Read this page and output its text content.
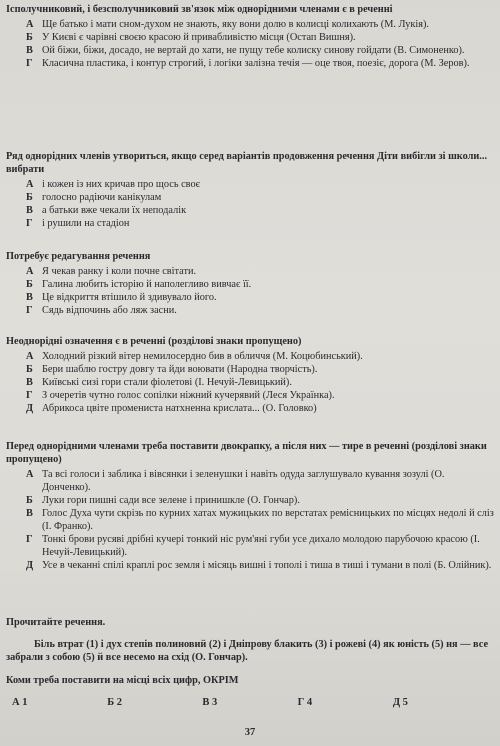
Ісполучниковий, і безсполучниковий зв'язок між однорідними членами є в реченні
А Ще батько і мати сном-духом не знають, яку вони долю в колисці колихають (М. Лукія).
Б У Києві є чарівні своєю красою й привабливістю місця (Остап Вишня).
В Ой біжи, біжи, досадо, не вертай до хати, не пущу тебе колиску синову гойдати (В. Симоненко).
Г Класична пластика, і контур строгий, і логіки залізна течія — оце твоя, поезіє, дорога (М. Зеров).
Ряд однорідних членів утвориться, якщо серед варіантів продовження речення Діти вибігли зі школи... вибрати
А і кожен із них кричав про щось своє
Б голосно радіючи канікулам
В а батьки вже чекали їх неподалік
Г і рушили на стадіон
Потребує редагування речення
А Я чекав ранку і коли почне світати.
Б Галина любить історію й наполегливо вивчає її.
В Це відкриття втішило й здивувало його.
Г Сядь відпочинь або ляж засни.
Неоднорідні означення є в реченні (розділові знаки пропущено)
А Холодний різкий вітер немилосердно бив в обличчя (М. Коцюбинський).
Б Бери шаблю гостру довгу та йди воювати (Народна творчість).
В Київські сизі гори стали фіолетові (І. Нечуй-Левицький).
Г З очеретів чутно голос сопілки ніжний кучерявий (Леся Українка).
Д Абрикоса цвіте промениста натхненна крислата... (О. Головко)
Перед однорідними членами треба поставити двокрапку, а після них — тире в реченні (розділові знаки пропущено)
А Та всі голоси і заблика і вівсянки і зеленушки і навіть одуда заглушувало кування зозулі (О. Донченко).
Б Луки гори пишні сади все зелене і принишкле (О. Гончар).
В Голос Духа чути скрізь по курних хатах мужицьких по верстатах ремісницьких по місцях недолі й сліз (І. Франко).
Г Тонкі брови русяві дрібні кучері тонкий ніс рум'яні губи усе дихало молодою парубочою красою (І. Нечуй-Левицький).
Д Усе в чеканні спілі краплі рос земля і місяць вишні і тополі і тиша в тиші і тумани в полі (Б. Олійник).
Прочитайте речення.
Біль втрат (1) і дух степів полиновий (2) і Дніпрову блакить (3) і рожеві (4) як юність (5) ня — все забрали з собою (5) й все несемо на схід (О. Гончар).
Коми треба поставити на місці всіх цифр, ОКРІМ
А 1	Б 2	В 3	Г 4	Д 5
37
